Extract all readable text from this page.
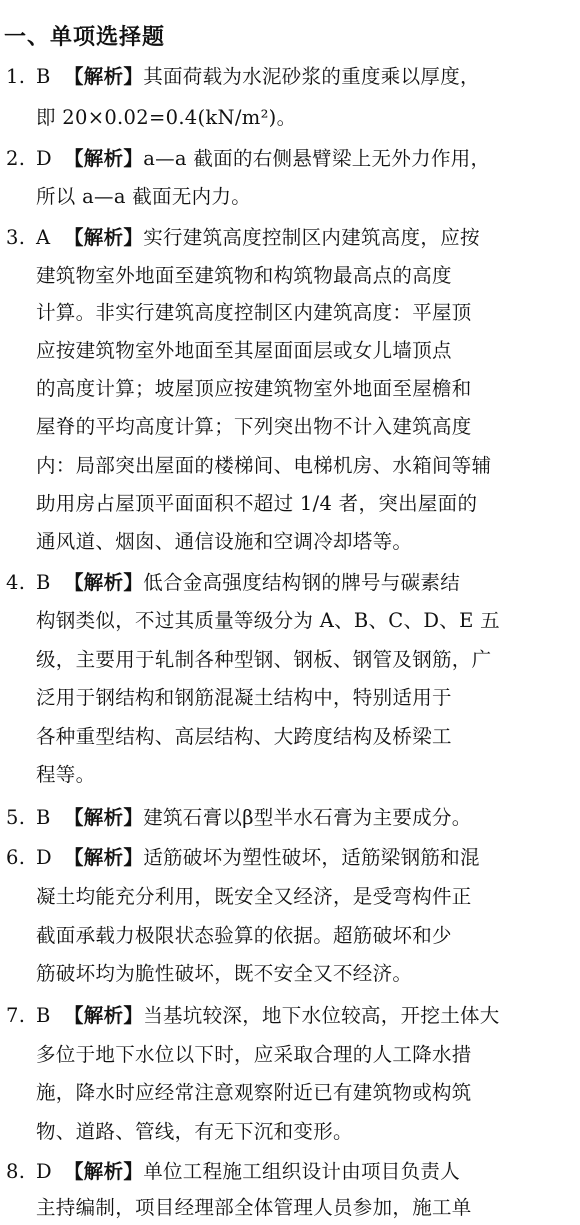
一、单项选择题
1. B 【解析】其面荷载为水泥砂浆的重度乘以厚度，
即 20×0.02=0.4(kN/m²)。
2. D 【解析】a—a 截面的右侧悬臂梁上无外力作用，
所以 a—a 截面无内力。
3. A 【解析】实行建筑高度控制区内建筑高度，应按
建筑物室外地面至建筑物和构筑物最高点的高度
计算。非实行建筑高度控制区内建筑高度：平屋顶
应按建筑物室外地面至其屋面面层或女儿墙顶点
的高度计算；坡屋顶应按建筑物室外地面至屋檐和
屋脊的平均高度计算；下列突出物不计入建筑高度
内：局部突出屋面的楼梯间、电梯机房、水箱间等辅
助用房占屋顶平面面积不超过 1/4 者，突出屋面的
通风道、烟囱、通信设施和空调冷却塔等。
4. B 【解析】低合金高强度结构钢的牌号与碳素结
构钢类似，不过其质量等级分为 A、B、C、D、E 五
级，主要用于轧制各种型钢、钢板、钢管及钢筋，广
泛用于钢结构和钢筋混凝土结构中，特别适用于
各种重型结构、高层结构、大跨度结构及桥梁工
程等。
5. B 【解析】建筑石膏以β型半水石膏为主要成分。
6. D 【解析】适筋破坏为塑性破坏，适筋梁钢筋和混
凝土均能充分利用，既安全又经济，是受弯构件正
截面承载力极限状态验算的依据。超筋破坏和少
筋破坏均为脆性破坏，既不安全又不经济。
7. B 【解析】当基坑较深，地下水位较高，开挖土体大
多位于地下水位以下时，应采取合理的人工降水措
施，降水时应经常注意观察附近已有建筑物或构筑
物、道路、管线，有无下沉和变形。
8. D 【解析】单位工程施工组织设计由项目负责人
主持编制，项目经理部全体管理人员参加，施工单
